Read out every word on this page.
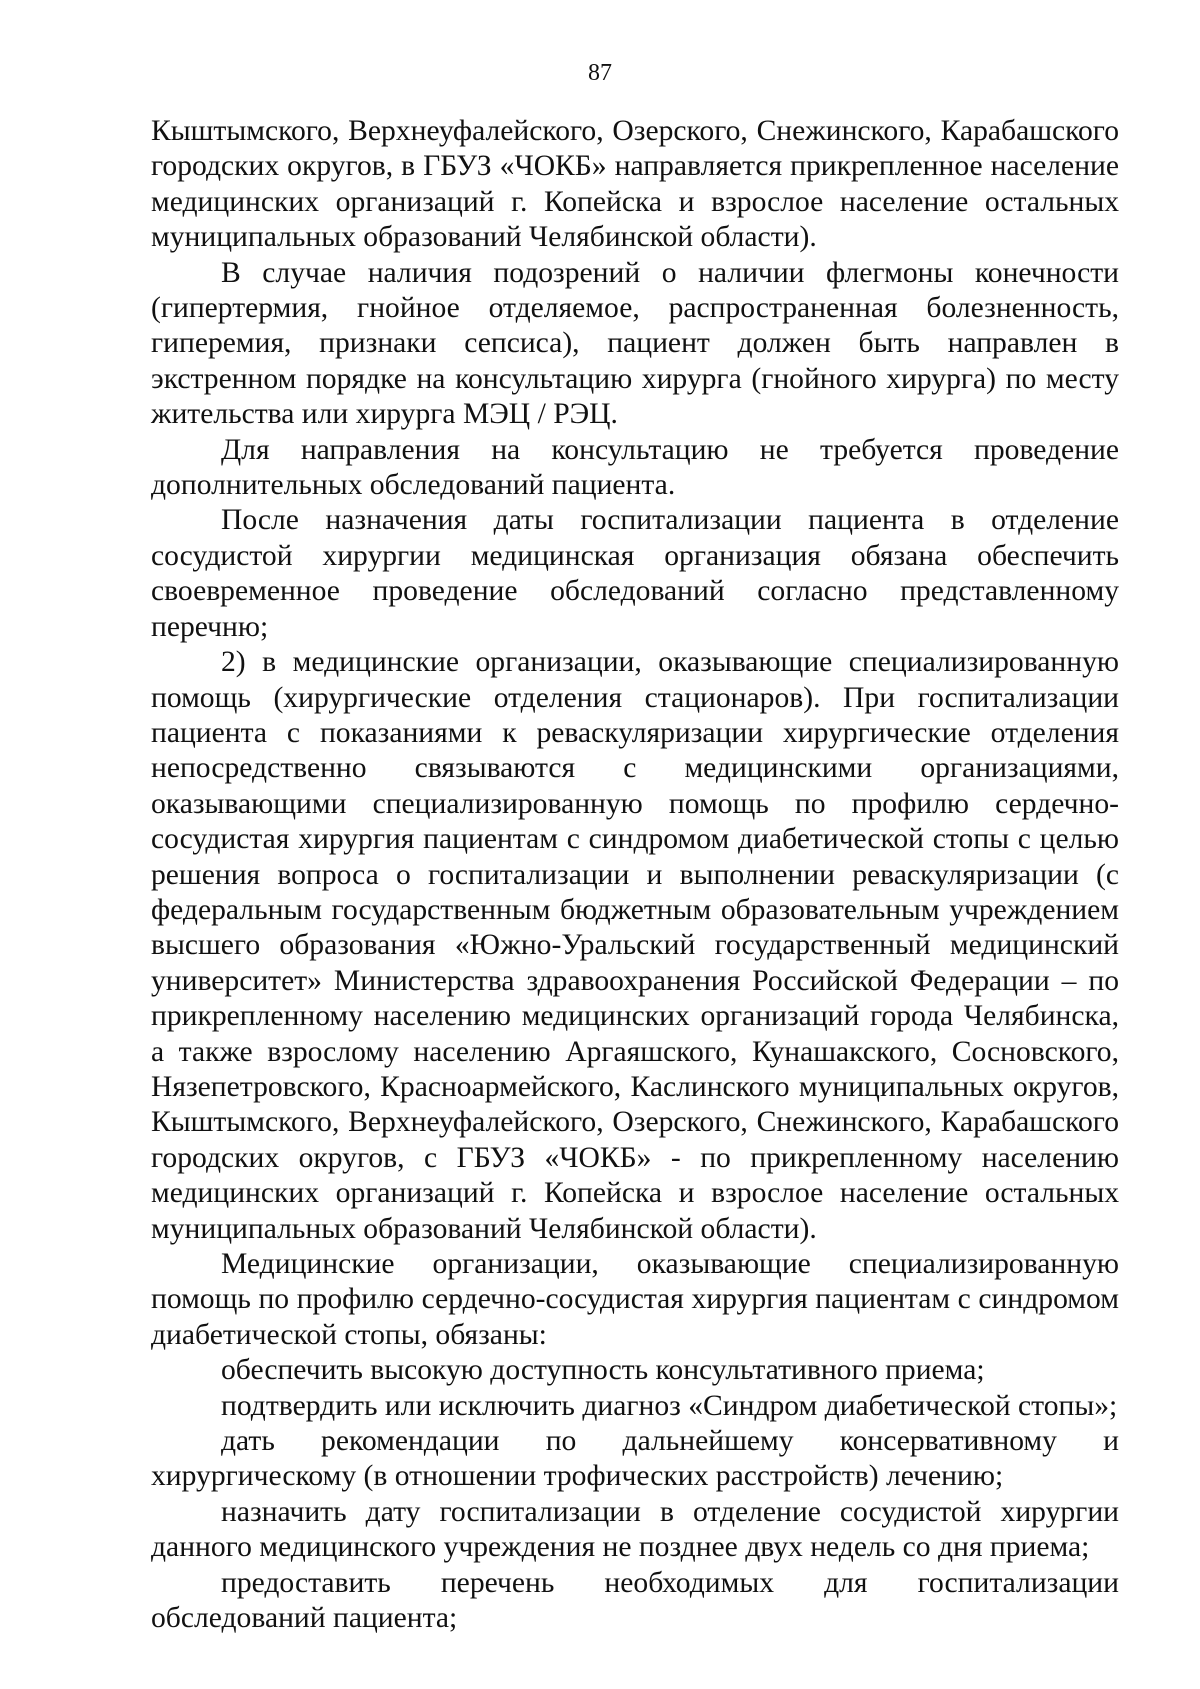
87

Кыштымского, Верхнеуфалейского, Озерского, Снежинского, Карабашского городских округов, в ГБУЗ «ЧОКБ» направляется прикрепленное население медицинских организаций г. Копейска и взрослое население остальных муниципальных образований Челябинской области).

В случае наличия подозрений о наличии флегмоны конечности (гипертермия, гнойное отделяемое, распространенная болезненность, гиперемия, признаки сепсиса), пациент должен быть направлен в экстренном порядке на консультацию хирурга (гнойного хирурга) по месту жительства или хирурга МЭЦ / РЭЦ.

Для направления на консультацию не требуется проведение дополнительных обследований пациента.

После назначения даты госпитализации пациента в отделение сосудистой хирургии медицинская организация обязана обеспечить своевременное проведение обследований согласно представленному перечню;

2) в медицинские организации, оказывающие специализированную помощь (хирургические отделения стационаров). При госпитализации пациента с показаниями к реваскуляризации хирургические отделения непосредственно связываются с медицинскими организациями, оказывающими специализированную помощь по профилю сердечно-сосудистая хирургия пациентам с синдромом диабетической стопы с целью решения вопроса о госпитализации и выполнении реваскуляризации (с федеральным государственным бюджетным образовательным учреждением высшего образования «Южно-Уральский государственный медицинский университет» Министерства здравоохранения Российской Федерации – по прикрепленному населению медицинских организаций города Челябинска, а также взрослому населению Аргаяшского, Кунашакского, Сосновского, Нязепетровского, Красноармейского, Каслинского муниципальных округов, Кыштымского, Верхнеуфалейского, Озерского, Снежинского, Карабашского городских округов, с ГБУЗ «ЧОКБ» - по прикрепленному населению медицинских организаций г. Копейска и взрослое население остальных муниципальных образований Челябинской области).

Медицинские организации, оказывающие специализированную помощь по профилю сердечно-сосудистая хирургия пациентам с синдромом диабетической стопы, обязаны:

обеспечить высокую доступность консультативного приема;

подтвердить или исключить диагноз «Синдром диабетической стопы»;

дать рекомендации по дальнейшему консервативному и хирургическому (в отношении трофических расстройств) лечению;

назначить дату госпитализации в отделение сосудистой хирургии данного медицинского учреждения не позднее двух недель со дня приема;

предоставить перечень необходимых для госпитализации обследований пациента;
